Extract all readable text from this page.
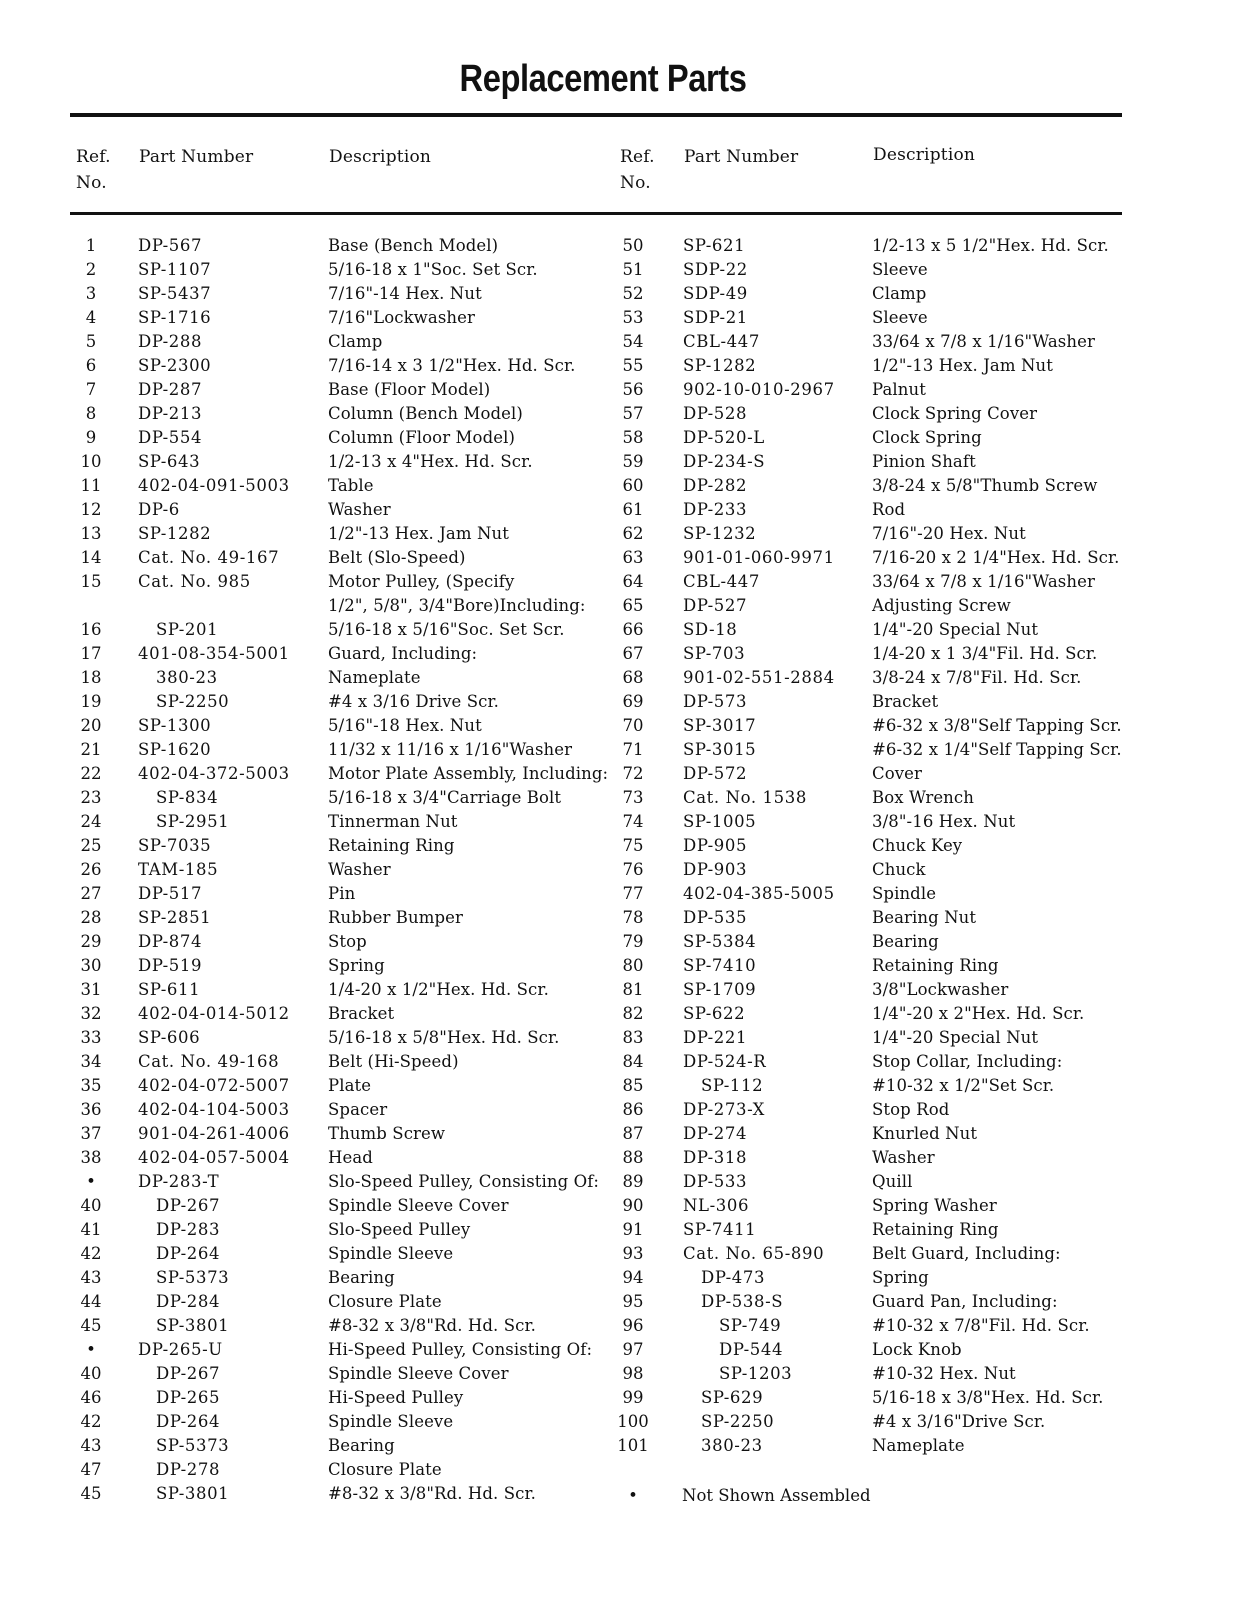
Replacement Parts
Ref.
No.
Part Number	Description	Ref.
No.
Part Number	Description
1	DP-567	Base (Bench Model)
2	SP-1107	5/16-18 x 1"Soc. Set Scr.
3	SP-5437	7/16"-14 Hex. Nut
4	SP-1716	7/16"Lockwasher
5	DP-288	Clamp
6	SP-2300	7/16-14 x 3 1/2"Hex. Hd. Scr.
7	DP-287	Base (Floor Model)
8	DP-213	Column (Bench Model)
9	DP-554	Column (Floor Model)
10	SP-643	1/2-13 x 4"Hex. Hd. Scr.
11	402-04-091-5003 Table
12	DP-6	Washer
13	SP-1282	1/2"-13 Hex. Jam Nut
14	Cat. No. 49-167	Belt (Slo-Speed)
15	Cat. No. 985	Motor Pulley, (Specify
1/2", 5/8", 3/4"Bore)Including:
16	SP-201	5/16-18 x 5/16"Soc. Set Scr.
17	401-08-354-5001 Guard, Including:
18	380-23	Nameplate
19	SP-2250	#4 x 3/16 Drive Scr.
20	SP-1300	5/16"-18 Hex. Nut
21	SP-1620	11/32 x 11/16 x 1/16"Washer
22	402-04-372-5003 Motor Plate Assembly, Including:
23	SP-834	5/16-18 x 3/4"Carriage Bolt
24	SP-2951	Tinnerman Nut
25	SP-7035	Retaining Ring
26	TAM-185	Washer
27	DP-517	Pin
28	SP-2851	Rubber Bumper
29	DP-874	Stop
30	DP-519	Spring
31	SP-611	1/4-20 x 1/2"Hex. Hd. Scr.
32	402-04-014-5012 Bracket
33	SP-606	5/16-18 x 5/8"Hex. Hd. Scr.
34	Cat. No. 49-168	Belt (Hi-Speed)
35	402-04-072-5007 Plate
36	402-04-104-5003 Spacer
37	901-04-261-4006 Thumb Screw
38	402-04-057-5004 Head
•	DP-283-T	Slo-Speed Pulley, Consisting Of:
40	DP-267	Spindle Sleeve Cover
41	DP-283	Slo-Speed Pulley
42	DP-264	Spindle Sleeve
43	SP-5373	Bearing
44	DP-284	Closure Plate
45	SP-3801	#8-32 x 3/8"Rd. Hd. Scr.
•	DP-265-U	Hi-Speed Pulley, Consisting Of:
40	DP-267	Spindle Sleeve Cover
46	DP-265	Hi-Speed Pulley
42	DP-264	Spindle Sleeve
43	SP-5373	Bearing
47	DP-278	Closure Plate
45	SP-3801	#8-32 x 3/8"Rd. Hd. Scr.
50	SP-621	1/2-13 x 5 1/2"Hex. Hd. Scr.
51	SDP-22	Sleeve
52	SDP-49	Clamp
53	SDP-21	Sleeve
54	CBL-447	33/64 x 7/8 x 1/16"Washer
55	SP-1282	1/2"-13 Hex. Jam Nut
56	902-10-010-2967 Palnut
57	DP-528	Clock Spring Cover
58	DP-520-L	Clock Spring
59	DP-234-S	Pinion Shaft
60	DP-282	3/8-24 x 5/8"Thumb Screw
61	DP-233	Rod
62	SP-1232	7/16"-20 Hex. Nut
63	901-01-060-9971 7/16-20 x 2 1/4"Hex. Hd. Scr.
64	CBL-447	33/64 x 7/8 x 1/16"Washer
65	DP-527	Adjusting Screw
66	SD-18	1/4"-20 Special Nut
67	SP-703	1/4-20 x 1 3/4"Fil. Hd. Scr.
68	901-02-551-2884 3/8-24 x 7/8"Fil. Hd. Scr.
69	DP-573	Bracket
70	SP-3017	#6-32 x 3/8"Self Tapping Scr.
71	SP-3015	#6-32 x 1/4"Self Tapping Scr.
72	DP-572	Cover
73	Cat. No. 1538	Box Wrench
74	SP-1005	3/8"-16 Hex. Nut
75	DP-905	Chuck Key
76	DP-903	Chuck
77	402-04-385-5005 Spindle
78	DP-535	Bearing Nut
79	SP-5384	Bearing
80	SP-7410	Retaining Ring
81	SP-1709	3/8"Lockwasher
82	SP-622	1/4"-20 x 2"Hex. Hd. Scr.
83	DP-221	1/4"-20 Special Nut
84	DP-524-R	Stop Collar, Including:
85	SP-112	#10-32 x 1/2"Set Scr.
86	DP-273-X	Stop Rod
87	DP-274	Knurled Nut
88	DP-318	Washer
89	DP-533	Quill
90	NL-306	Spring Washer
91	SP-7411	Retaining Ring
93	Cat. No. 65-890	Belt Guard, Including:
94	DP-473	Spring
95	DP-538-S	Guard Pan, Including:
96	SP-749	#10-32 x 7/8"Fil. Hd. Scr.
97	DP-544	Lock Knob
98	SP-1203	#10-32 Hex. Nut
99	SP-629	5/16-18 x 3/8"Hex. Hd. Scr.
100	SP-2250	#4 x 3/16"Drive Scr.
101	380-23	Nameplate
•	Not Shown Assembled
